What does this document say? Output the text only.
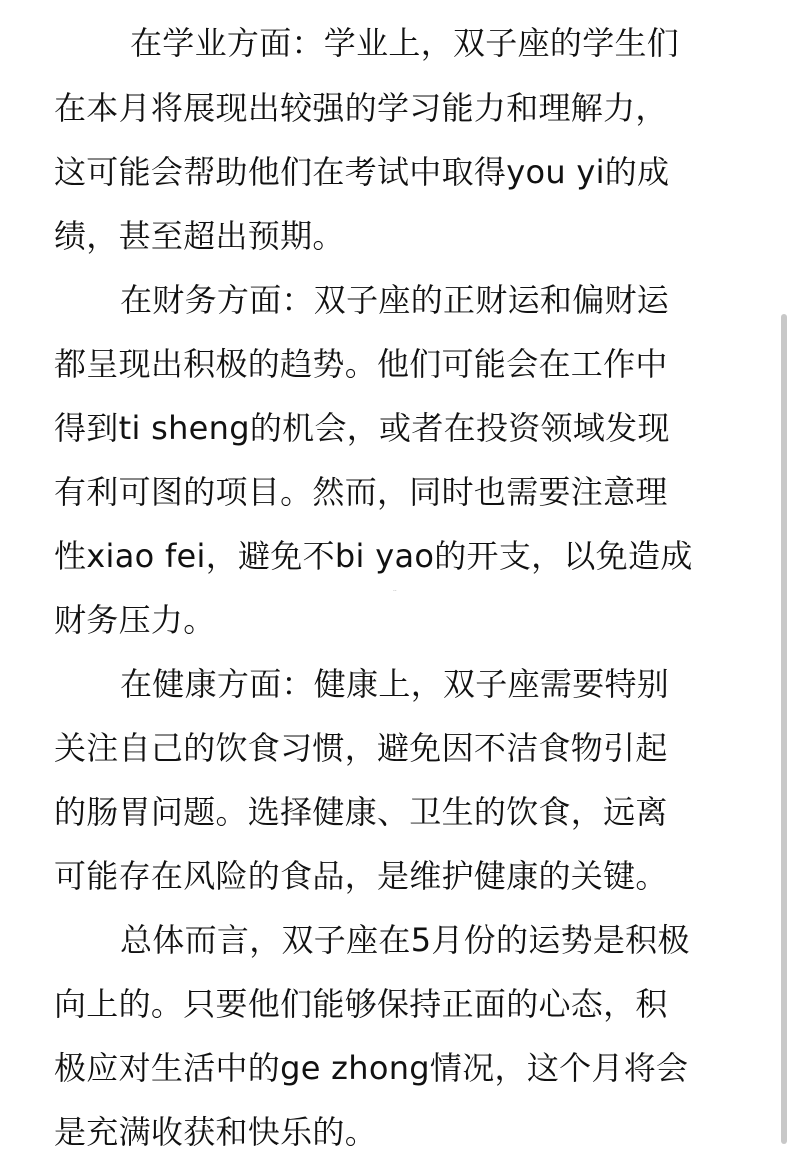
在学业方面：学业上，双子座的学生们
在本月将展现出较强的学习能力和理解力，
这可能会帮助他们在考试中取得you yi的成
绩，甚至超出预期。
在财务方面：双子座的正财运和偏财运
都呈现出积极的趋势。他们可能会在工作中
得到ti sheng的机会，或者在投资领域发现
有利可图的项目。然而，同时也需要注意理
性xiao fei，避免不bi yao的开支，以免造成
财务压力。
在健康方面：健康上，双子座需要特别
关注自己的饮食习惯，避免因不洁食物引起
的肠胃问题。选择健康、卫生的饮食，远离
可能存在风险的食品，是维护健康的关键。
总体而言，双子座在5月份的运势是积极
向上的。只要他们能够保持正面的心态，积
极应对生活中的ge zhong情况，这个月将会
是充满收获和快乐的。
··
